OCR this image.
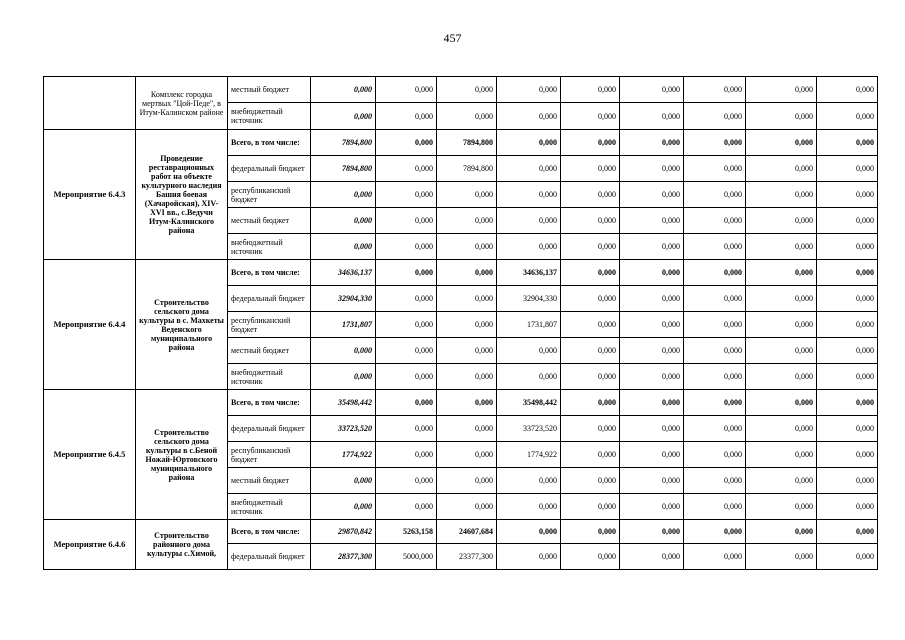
457
	Комплекс городка мертвых "Цой-Педе", в Итум-Калинском районе	местный бюджет	0,000	0,000	0,000	0,000	0,000	0,000	0,000	0,000	0,000
		внебюджетный источник	0,000	0,000	0,000	0,000	0,000	0,000	0,000	0,000	0,000
Мероприятие 6.4.3	Проведение реставрационных работ на объекте культурного наследия Башня боевая (Хачаройская), XIV-XVI вв., с.Ведучи Итум-Калинского района	Всего, в том числе:	7894,800	0,000	7894,800	0,000	0,000	0,000	0,000	0,000	0,000
		федеральный бюджет	7894,800	0,000	7894,800	0,000	0,000	0,000	0,000	0,000	0,000
		республиканский бюджет	0,000	0,000	0,000	0,000	0,000	0,000	0,000	0,000	0,000
		местный бюджет	0,000	0,000	0,000	0,000	0,000	0,000	0,000	0,000	0,000
		внебюджетный источник	0,000	0,000	0,000	0,000	0,000	0,000	0,000	0,000	0,000
Мероприятие 6.4.4	Строительство сельского дома культуры в с. Махкеты Веденского муниципального района	Всего, в том числе:	34636,137	0,000	0,000	34636,137	0,000	0,000	0,000	0,000	0,000
		федеральный бюджет	32904,330	0,000	0,000	32904,330	0,000	0,000	0,000	0,000	0,000
		республиканский бюджет	1731,807	0,000	0,000	1731,807	0,000	0,000	0,000	0,000	0,000
		местный бюджет	0,000	0,000	0,000	0,000	0,000	0,000	0,000	0,000	0,000
		внебюджетный источник	0,000	0,000	0,000	0,000	0,000	0,000	0,000	0,000	0,000
Мероприятие 6.4.5	Строительство сельского дома культуры в с.Беной Ножай-Юртовского муниципального района	Всего, в том числе:	35498,442	0,000	0,000	35498,442	0,000	0,000	0,000	0,000	0,000
		федеральный бюджет	33723,520	0,000	0,000	33723,520	0,000	0,000	0,000	0,000	0,000
		республиканский бюджет	1774,922	0,000	0,000	1774,922	0,000	0,000	0,000	0,000	0,000
		местный бюджет	0,000	0,000	0,000	0,000	0,000	0,000	0,000	0,000	0,000
		внебюджетный источник	0,000	0,000	0,000	0,000	0,000	0,000	0,000	0,000	0,000
Мероприятие 6.4.6	Строительство районного дома культуры с.Химой,	Всего, в том числе:	29870,842	5263,158	24607,684	0,000	0,000	0,000	0,000	0,000	0,000
		федеральный бюджет	28377,300	5000,000	23377,300	0,000	0,000	0,000	0,000	0,000	0,000
